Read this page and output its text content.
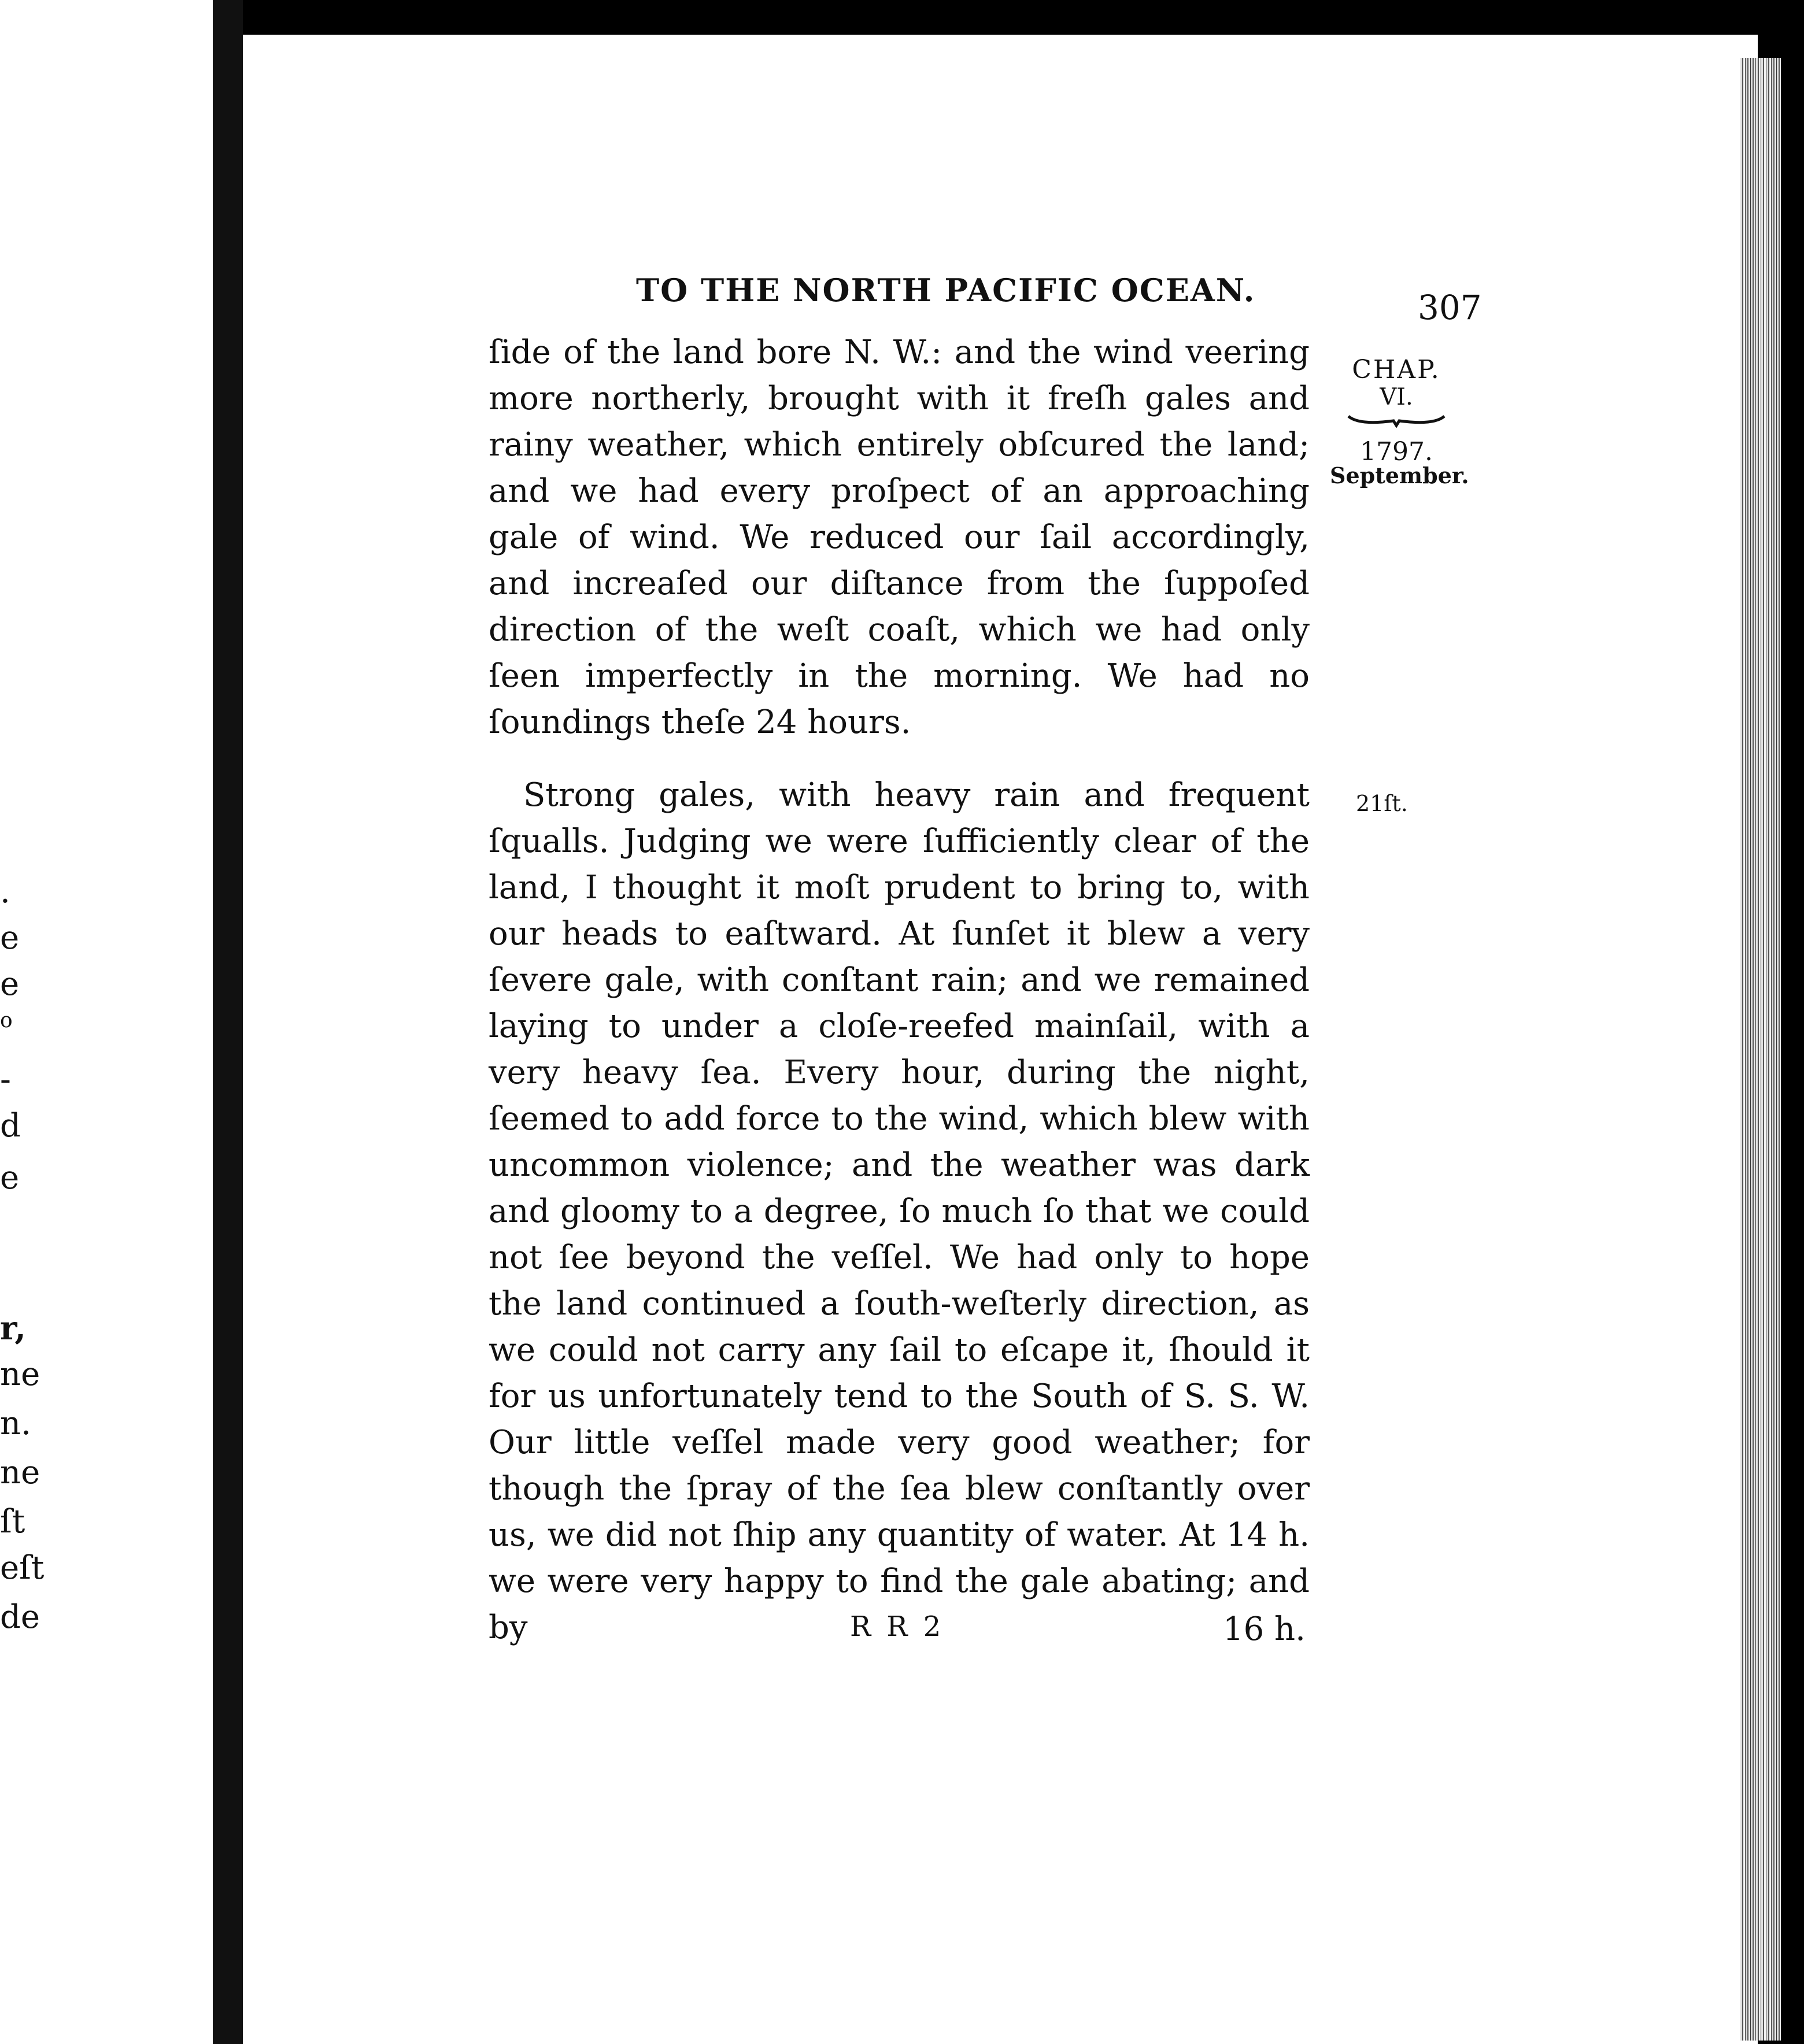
.
e
e
o
-
d
e
r,
ne
n.
ne
ſt
eſt
de
TO THE NORTH PACIFIC OCEAN.	307
CHAP.
VI.
1797.
September.
21ſt.
ſide of the land bore N. W.: and the wind veering more northerly, brought with it freſh gales and rainy weather, which entirely obſcured the land; and we had every proſpect of an approaching gale of wind. We reduced our ſail accordingly, and increaſed our diſtance from the ſuppoſed direction of the weſt coaſt, which we had only ſeen imperfectly in the morning. We had no ſoundings theſe 24 hours.
Strong gales, with heavy rain and frequent ſqualls. Judging we were ſufficiently clear of the land, I thought it moſt prudent to bring to, with our heads to eaſtward. At ſunſet it blew a very ſevere gale, with conſtant rain; and we remained laying to under a cloſe-reefed mainſail, with a very heavy ſea. Every hour, during the night, ſeemed to add force to the wind, which blew with uncommon violence; and the weather was dark and gloomy to a degree, ſo much ſo that we could not ſee beyond the veſſel. We had only to hope the land continued a ſouth-weſterly direction, as we could not carry any ſail to eſcape it, ſhould it for us unfortunately tend to the South of S. S. W. Our little veſſel made very good weather; for though the ſpray of the ſea blew conſtantly over us, we did not ſhip any quantity of water. At 14 h. we were very happy to find the gale abating; and by	R R 2	16 h.
